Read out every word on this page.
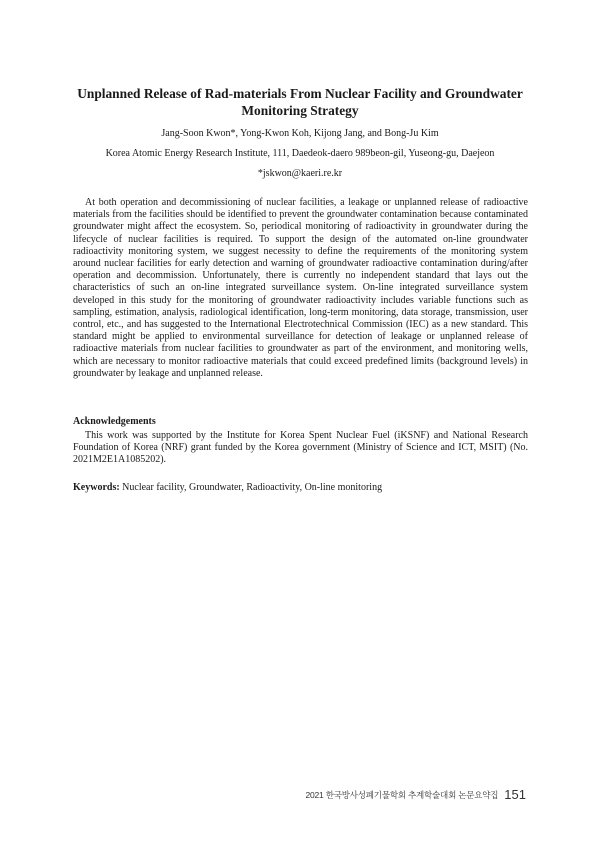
Unplanned Release of Rad-materials From Nuclear Facility and Groundwater Monitoring Strategy
Jang-Soon Kwon*, Yong-Kwon Koh, Kijong Jang, and Bong-Ju Kim
Korea Atomic Energy Research Institute, 111, Daedeok-daero 989beon-gil, Yuseong-gu, Daejeon
*jskwon@kaeri.re.kr

At both operation and decommissioning of nuclear facilities, a leakage or unplanned release of radioactive materials from the facilities should be identified to prevent the groundwater contamination because contaminated groundwater might affect the ecosystem. So, periodical monitoring of radioactivity in groundwater during the lifecycle of nuclear facilities is required. To support the design of the automated on-line groundwater radioactivity monitoring system, we suggest necessity to define the requirements of the monitoring system around nuclear facilities for early detection and warning of groundwater radioactive contamination during/after operation and decommission. Unfortunately, there is currently no independent standard that lays out the characteristics of such an on-line integrated surveillance system. On-line integrated surveillance system developed in this study for the monitoring of groundwater radioactivity includes variable functions such as sampling, estimation, analysis, radiological identification, long-term monitoring, data storage, transmission, user control, etc., and has suggested to the International Electrotechnical Commission (IEC) as a new standard. This standard might be applied to environmental surveillance for detection of leakage or unplanned release of radioactive materials from nuclear facilities to groundwater as part of the environment, and monitoring wells, which are necessary to monitor radioactive materials that could exceed predefined limits (background levels) in groundwater by leakage and unplanned release.

Acknowledgements

This work was supported by the Institute for Korea Spent Nuclear Fuel (iKSNF) and National Research Foundation of Korea (NRF) grant funded by the Korea government (Ministry of Science and ICT, MSIT) (No. 2021M2E1A1085202).

Keywords: Nuclear facility, Groundwater, Radioactivity, On-line monitoring

2021 한국방사성폐기물학회 추계학술대회 논문요약집 151
